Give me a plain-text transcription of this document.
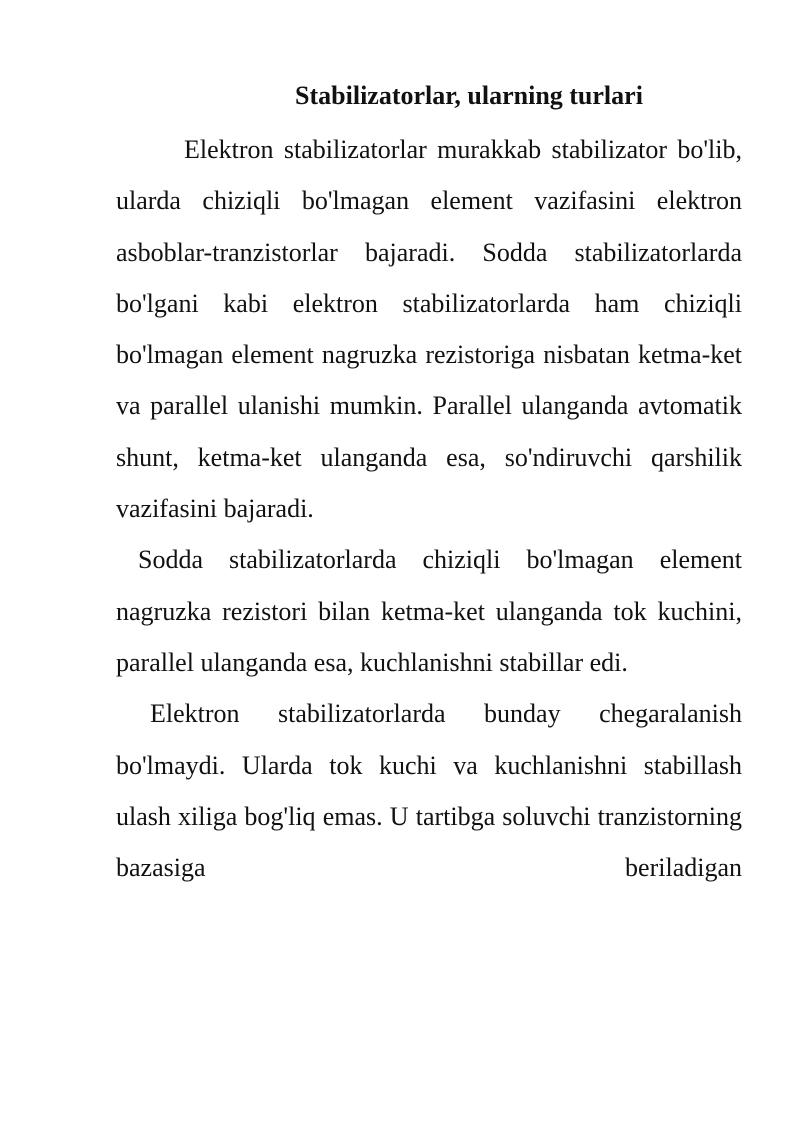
Stabilizatorlar, ularning turlari

Elektron stabilizatorlar murakkab stabilizator bo'lib, ularda chiziqli bo'lmagan element vazifasini elektron asboblar-tranzistorlar bajaradi. Sodda stabilizatorlarda bo'lgani kabi elektron stabilizatorlarda ham chiziqli bo'lmagan element nagruzka rezistoriga nisbatan ketma-ket va parallel ulanishi mumkin. Parallel ulanganda avtomatik shunt, ketma-ket ulanganda esa, so'ndiruvchi qarshilik vazifasini bajaradi.

Sodda stabilizatorlarda chiziqli bo'lmagan element nagruzka rezistori bilan ketma-ket ulanganda tok kuchini, parallel ulanganda esa, kuchlanishni stabillar edi.

Elektron stabilizatorlarda bunday chegaralanish bo'lmaydi. Ularda tok kuchi va kuchlanishni stabillash ulash xiliga bog'liq emas. U tartibga soluvchi tranzistorning bazasiga beriladigan
